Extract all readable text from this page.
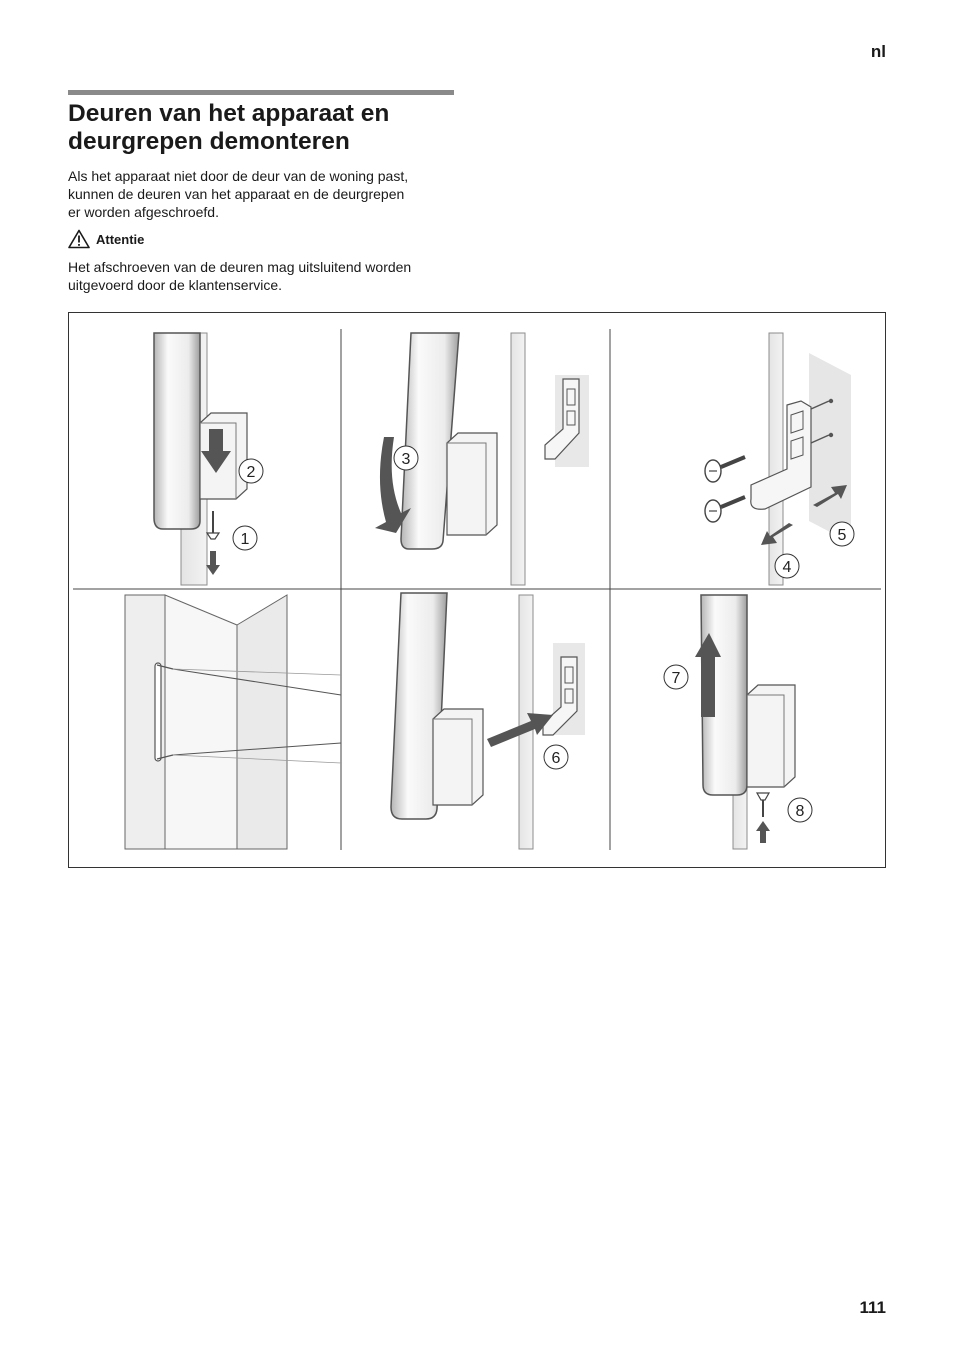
nl
Deuren van het apparaat en
deurgrepen demonteren
Als het apparaat niet door de deur van de woning past,
kunnen de deuren van het apparaat en de deurgrepen
er worden afgeschroefd.
Attentie
Het afschroeven van de deuren mag uitsluitend worden
uitgevoerd door de klantenservice.
1
2
3
4
5
6
7
8
111
